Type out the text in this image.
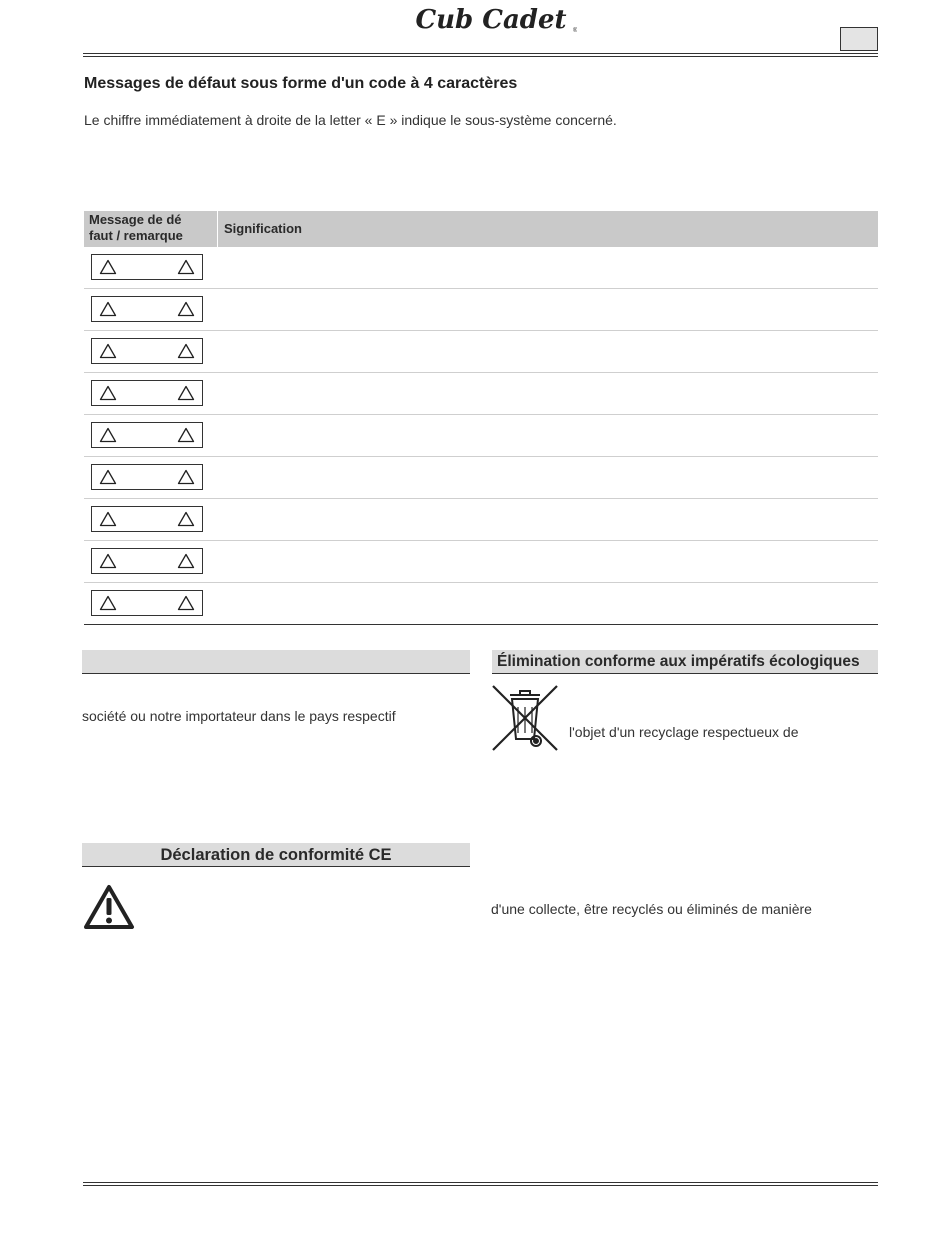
Cub Cadet ®
Messages de défaut sous forme d'un code à 4 caractères
Le chiffre immédiatement à droite de la letter « E » indique le sous-système concerné.
Message de dé
faut / remarque	Signification
société ou notre importateur dans le pays respectif
Élimination conforme aux impératifs écologiques
l'objet d'un recyclage respectueux de
d'une collecte, être recyclés ou éliminés de manière
Déclaration de conformité CE
